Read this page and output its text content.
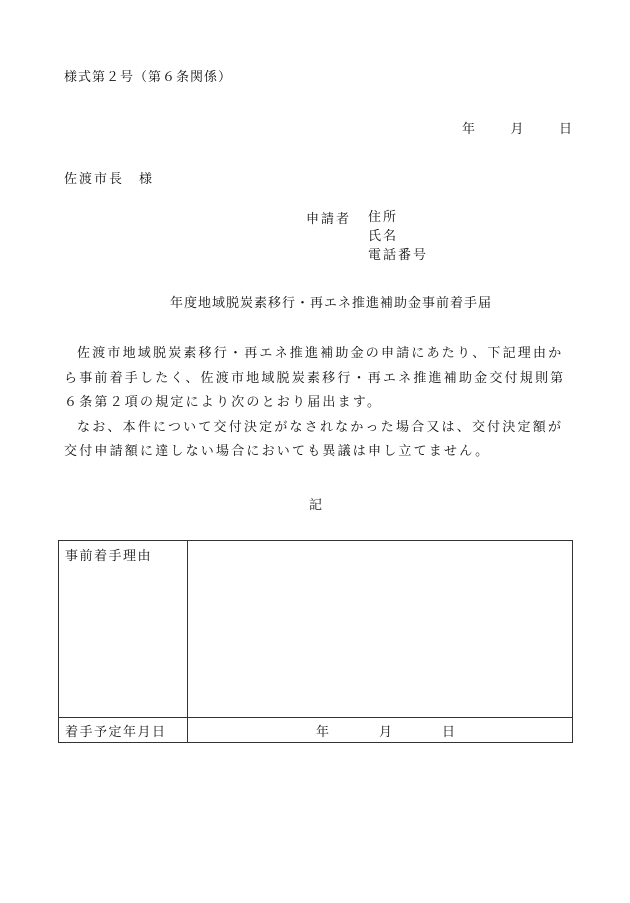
様式第２号（第６条関係）
年	月	日
佐渡市長　様
申請者 住所
氏名
電話番号
年度地域脱炭素移行・再エネ推進補助金事前着手届

佐渡市地域脱炭素移行・再エネ推進補助金の申請にあたり、下記理由から事前着手したく、佐渡市地域脱炭素移行・再エネ推進補助金交付規則第６条第２項の規定により次のとおり届出ます。

なお、本件について交付決定がなされなかった場合又は、交付決定額が交付申請額に達しない場合においても異議は申し立てません。

記
事前着手理由	
着手予定年月日	年 月 日
